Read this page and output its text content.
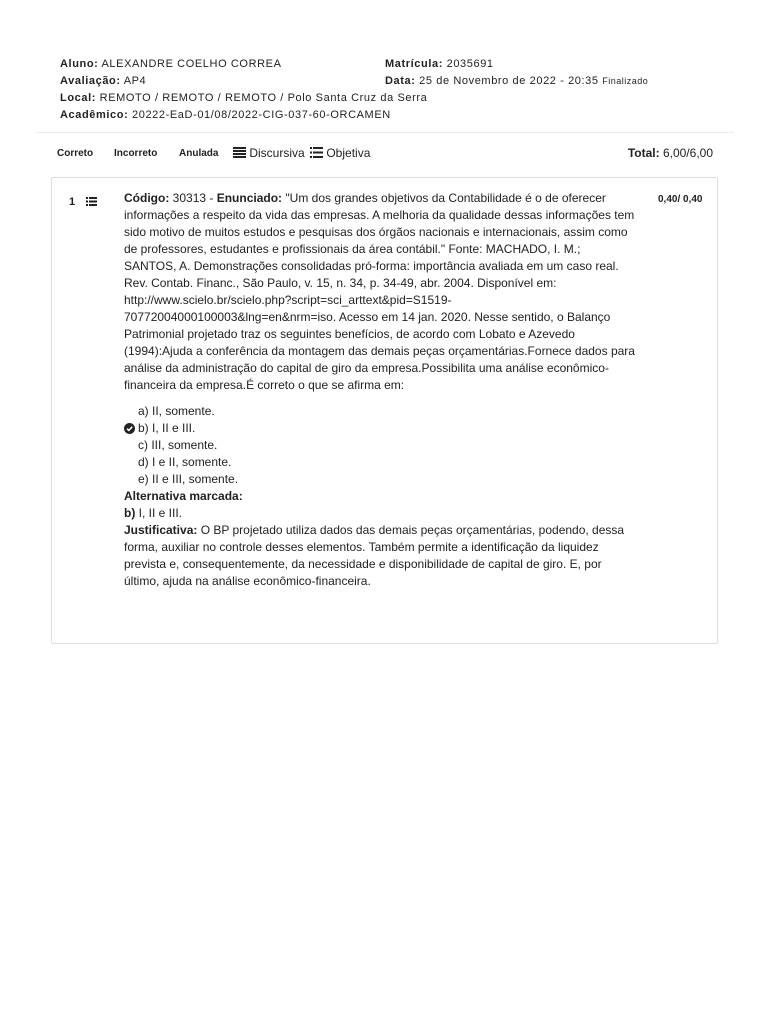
Aluno: ALEXANDRE COELHO CORREA	Matrícula: 2035691
Avaliação: AP4	Data: 25 de Novembro de 2022 - 20:35 Finalizado
Local: REMOTO / REMOTO / REMOTO / Polo Santa Cruz da Serra
Acadêmico: 20222-EaD-01/08/2022-CIG-037-60-ORCAMEN
Correto Incorreto Anulada	Discursiva	Objetiva	Total: 6,00/6,00
1	0,40/ 0,40

Código: 30313 - Enunciado: "Um dos grandes objetivos da Contabilidade é o de oferecer informações a respeito da vida das empresas. A melhoria da qualidade dessas informações tem sido motivo de muitos estudos e pesquisas dos órgãos nacionais e internacionais, assim como de professores, estudantes e profissionais da área contábil." Fonte: MACHADO, I. M.; SANTOS, A. Demonstrações consolidadas pró-forma: importância avaliada em um caso real. Rev. Contab. Financ., São Paulo, v. 15, n. 34, p. 34-49, abr. 2004. Disponível em: http://www.scielo.br/scielo.php?script=sci_arttext&pid=S1519-70772004000100003&lng=en&nrm=iso. Acesso em 14 jan. 2020. Nesse sentido, o Balanço Patrimonial projetado traz os seguintes benefícios, de acordo com Lobato e Azevedo (1994):Ajuda a conferência da montagem das demais peças orçamentárias.Fornece dados para análise da administração do capital de giro da empresa.Possibilita uma análise econômico-financeira da empresa.É correto o que se afirma em:

a) II, somente.
b) I, II e III.
c) III, somente.
d) I e II, somente.
e) II e III, somente.

Alternativa marcada:

b) I, II e III.

Justificativa: O BP projetado utiliza dados das demais peças orçamentárias, podendo, dessa forma, auxiliar no controle desses elementos. Também permite a identificação da liquidez prevista e, consequentemente, da necessidade e disponibilidade de capital de giro. E, por último, ajuda na análise econômico-financeira.
